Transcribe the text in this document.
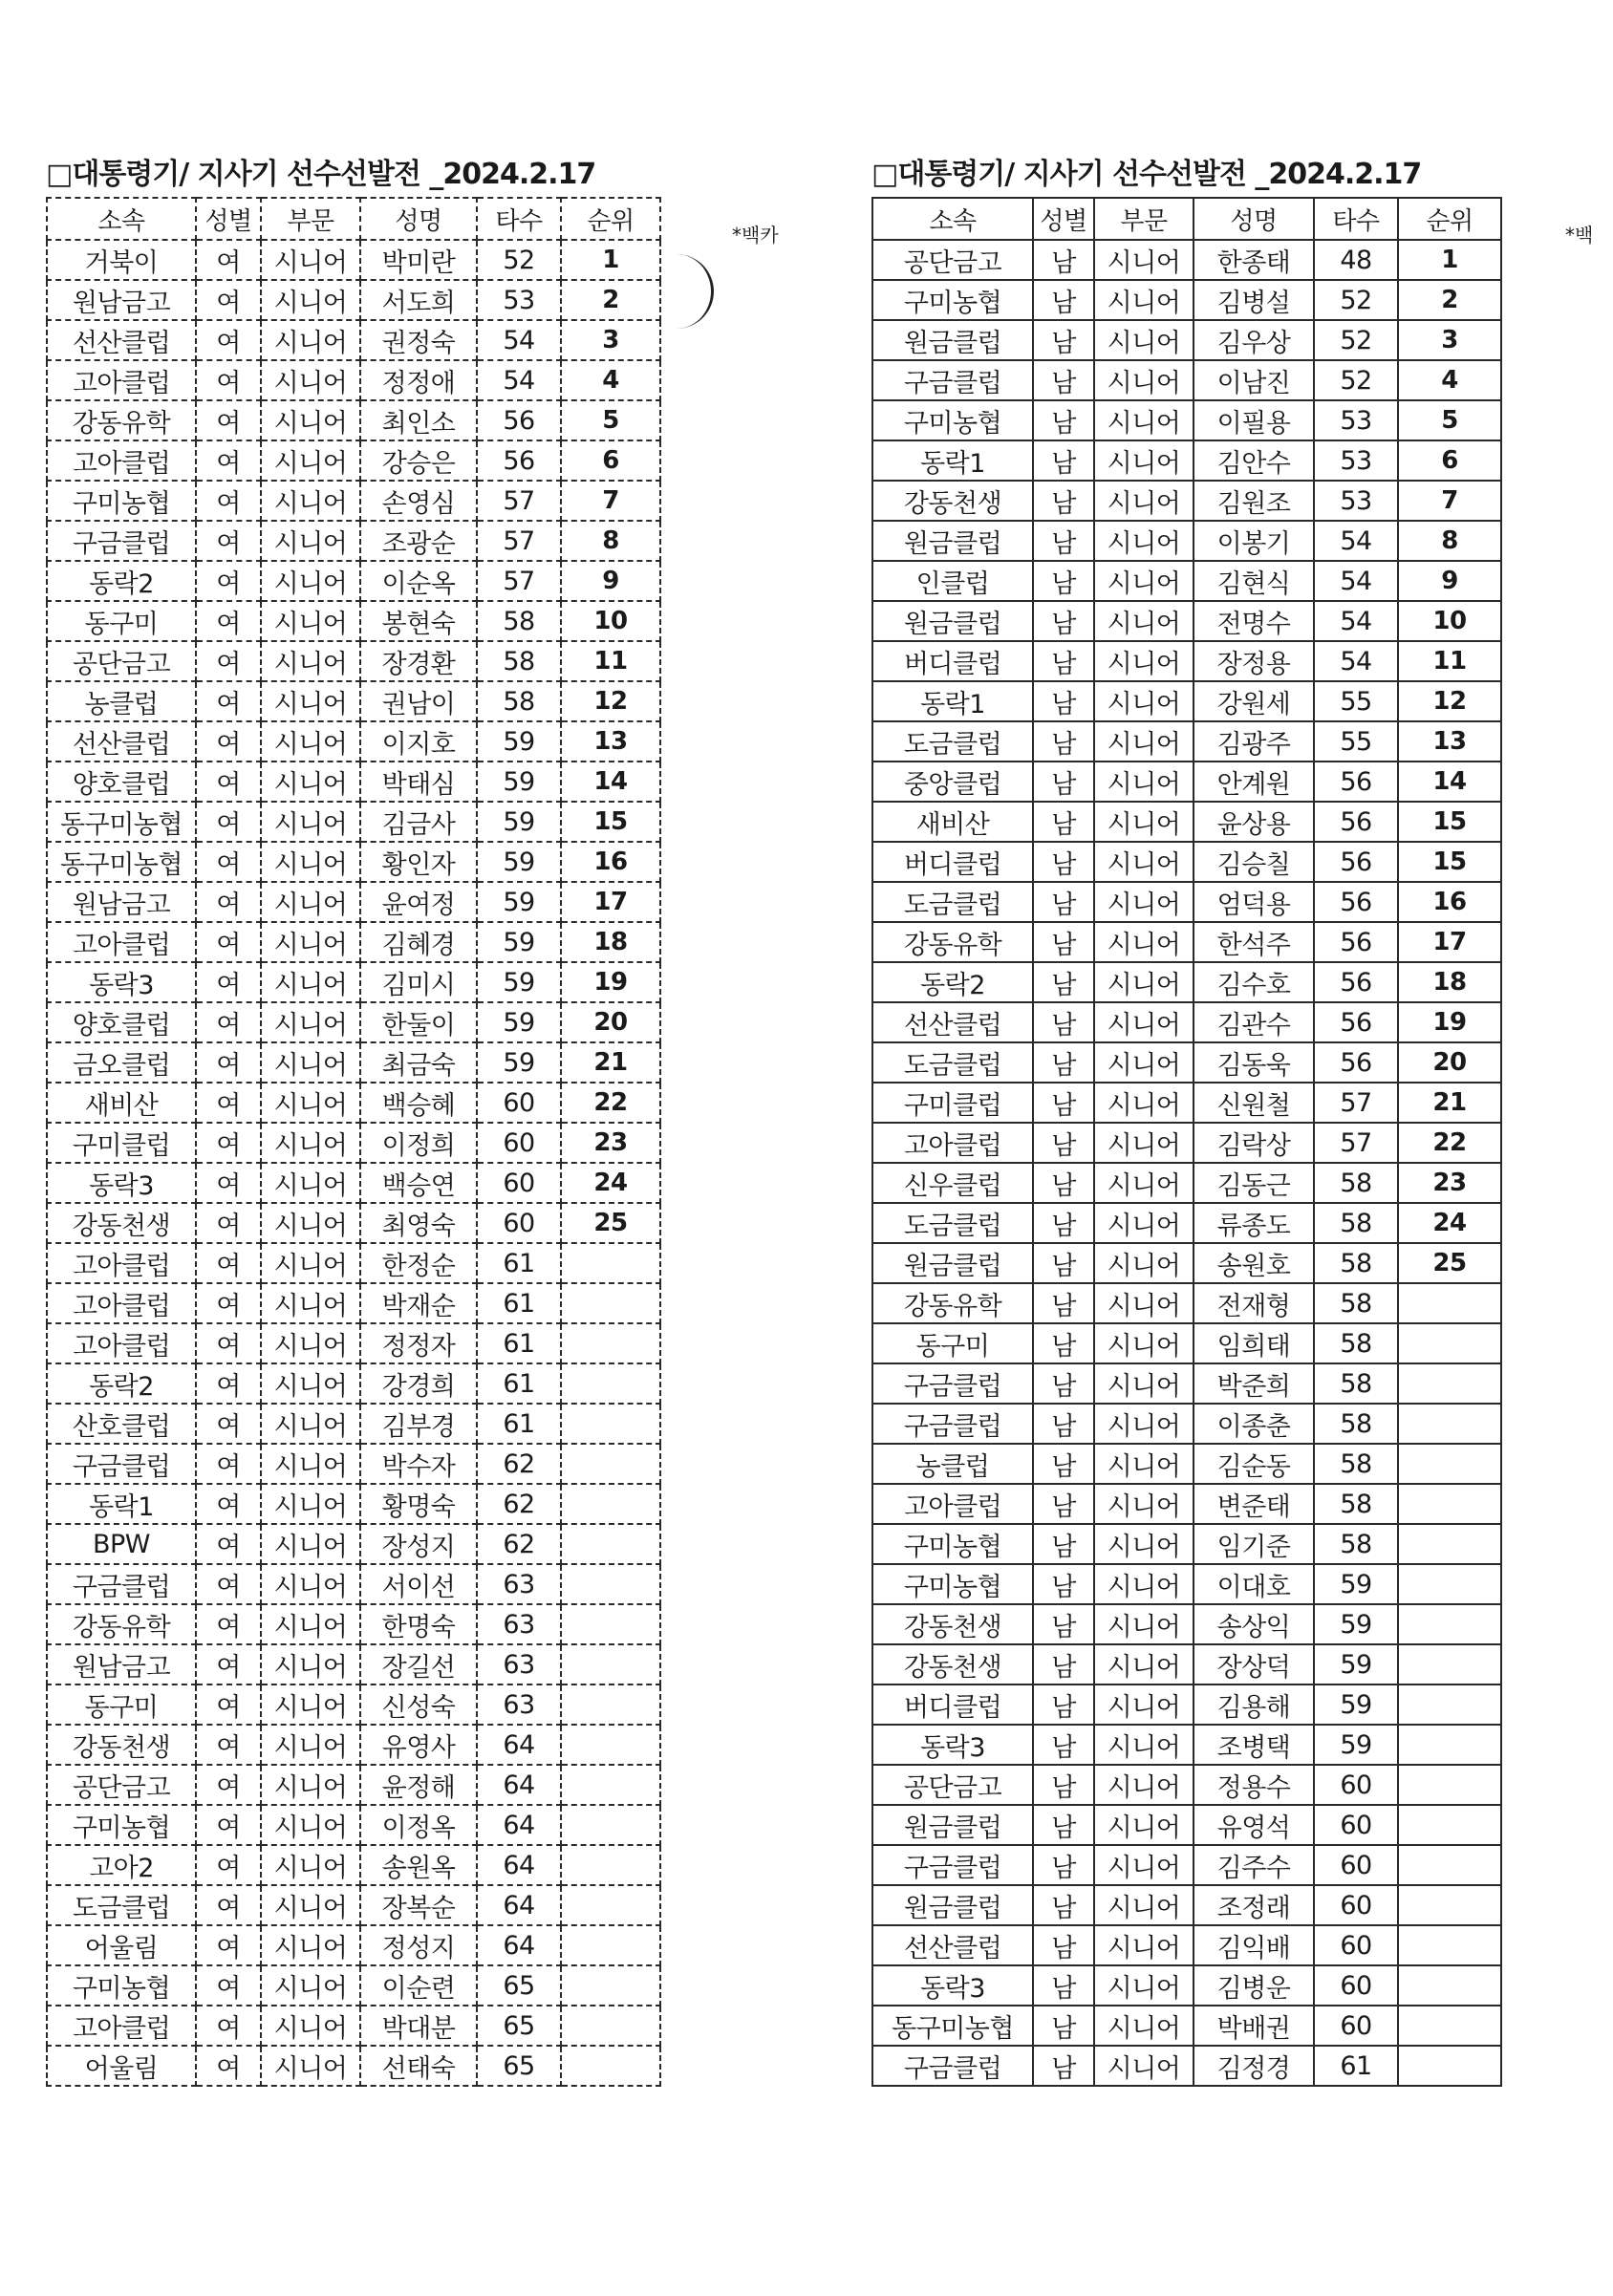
□대통령기/ 지사기 선수선발전 _2024.2.17
소속	성별	부문	성명	타수	순위
거북이	여	시니어	박미란	52	1
원남금고	여	시니어	서도희	53	2
선산클럽	여	시니어	권정숙	54	3
고아클럽	여	시니어	정정애	54	4
강동유학	여	시니어	최인소	56	5
고아클럽	여	시니어	강승은	56	6
구미농협	여	시니어	손영심	57	7
구금클럽	여	시니어	조광순	57	8
동락2	여	시니어	이순옥	57	9
동구미	여	시니어	봉현숙	58	10
공단금고	여	시니어	장경환	58	11
농클럽	여	시니어	권남이	58	12
선산클럽	여	시니어	이지호	59	13
양호클럽	여	시니어	박태심	59	14
동구미농협	여	시니어	김금사	59	15
동구미농협	여	시니어	황인자	59	16
원남금고	여	시니어	윤여정	59	17
고아클럽	여	시니어	김혜경	59	18
동락3	여	시니어	김미시	59	19
양호클럽	여	시니어	한둘이	59	20
금오클럽	여	시니어	최금숙	59	21
새비산	여	시니어	백승혜	60	22
구미클럽	여	시니어	이정희	60	23
동락3	여	시니어	백승연	60	24
강동천생	여	시니어	최영숙	60	25
고아클럽	여	시니어	한정순	61	
고아클럽	여	시니어	박재순	61	
고아클럽	여	시니어	정정자	61	
동락2	여	시니어	강경희	61	
산호클럽	여	시니어	김부경	61	
구금클럽	여	시니어	박수자	62	
동락1	여	시니어	황명숙	62	
BPW	여	시니어	장성지	62	
구금클럽	여	시니어	서이선	63	
강동유학	여	시니어	한명숙	63	
원남금고	여	시니어	장길선	63	
동구미	여	시니어	신성숙	63	
강동천생	여	시니어	유영사	64	
공단금고	여	시니어	윤정해	64	
구미농협	여	시니어	이정옥	64	
고아2	여	시니어	송원옥	64	
도금클럽	여	시니어	장복순	64	
어울림	여	시니어	정성지	64	
구미농협	여	시니어	이순련	65	
고아클럽	여	시니어	박대분	65	
어울림	여	시니어	선태숙	65	
*백카
□대통령기/ 지사기 선수선발전 _2024.2.17
소속	성별	부문	성명	타수	순위
공단금고	남	시니어	한종태	48	1
구미농협	남	시니어	김병설	52	2
원금클럽	남	시니어	김우상	52	3
구금클럽	남	시니어	이남진	52	4
구미농협	남	시니어	이필용	53	5
동락1	남	시니어	김안수	53	6
강동천생	남	시니어	김원조	53	7
원금클럽	남	시니어	이봉기	54	8
인클럽	남	시니어	김현식	54	9
원금클럽	남	시니어	전명수	54	10
버디클럽	남	시니어	장정용	54	11
동락1	남	시니어	강원세	55	12
도금클럽	남	시니어	김광주	55	13
중앙클럽	남	시니어	안계원	56	14
새비산	남	시니어	윤상용	56	15
버디클럽	남	시니어	김승칠	56	15
도금클럽	남	시니어	엄덕용	56	16
강동유학	남	시니어	한석주	56	17
동락2	남	시니어	김수호	56	18
선산클럽	남	시니어	김관수	56	19
도금클럽	남	시니어	김동욱	56	20
구미클럽	남	시니어	신원철	57	21
고아클럽	남	시니어	김락상	57	22
신우클럽	남	시니어	김동근	58	23
도금클럽	남	시니어	류종도	58	24
원금클럽	남	시니어	송원호	58	25
강동유학	남	시니어	전재형	58	
동구미	남	시니어	임희태	58	
구금클럽	남	시니어	박준희	58	
구금클럽	남	시니어	이종춘	58	
농클럽	남	시니어	김순동	58	
고아클럽	남	시니어	변준태	58	
구미농협	남	시니어	임기준	58	
구미농협	남	시니어	이대호	59	
강동천생	남	시니어	송상익	59	
강동천생	남	시니어	장상덕	59	
버디클럽	남	시니어	김용해	59	
동락3	남	시니어	조병택	59	
공단금고	남	시니어	정용수	60	
원금클럽	남	시니어	유영석	60	
구금클럽	남	시니어	김주수	60	
원금클럽	남	시니어	조정래	60	
선산클럽	남	시니어	김익배	60	
동락3	남	시니어	김병운	60	
동구미농협	남	시니어	박배권	60	
구금클럽	남	시니어	김정경	61	
*백
